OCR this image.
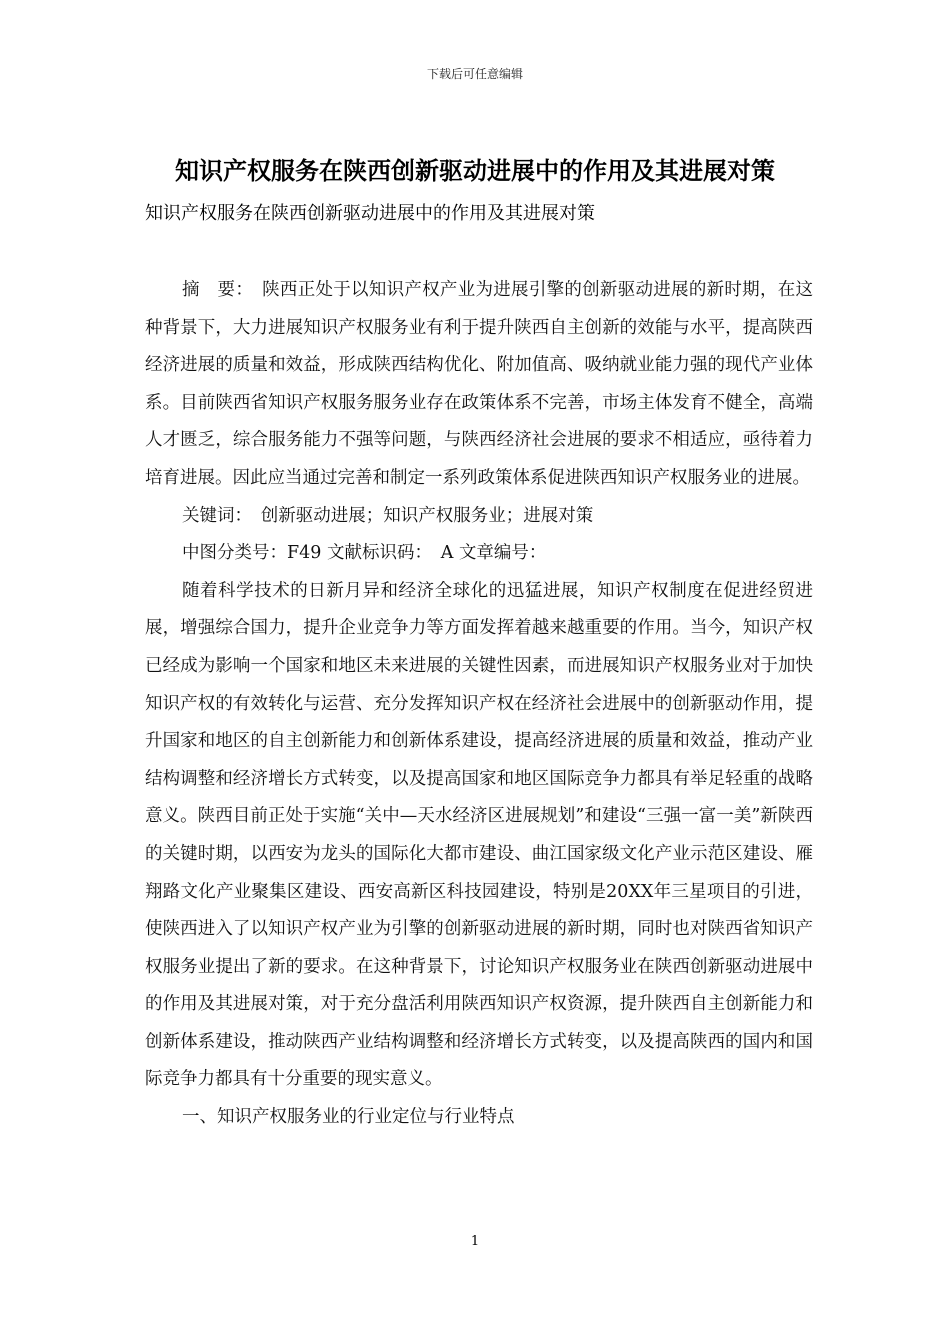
下载后可任意编辑
知识产权服务在陕西创新驱动进展中的作用及其进展对策
知识产权服务在陕西创新驱动进展中的作用及其进展对策

摘　要：　陕西正处于以知识产权产业为进展引擎的创新驱动进展的新时期，在这种背景下，大力进展知识产权服务业有利于提升陕西自主创新的效能与水平，提高陕西经济进展的质量和效益，形成陕西结构优化、附加值高、吸纳就业能力强的现代产业体系。目前陕西省知识产权服务服务业存在政策体系不完善，市场主体发育不健全，高端人才匮乏，综合服务能力不强等问题，与陕西经济社会进展的要求不相适应，亟待着力培育进展。因此应当通过完善和制定一系列政策体系促进陕西知识产权服务业的进展。

关键词：　创新驱动进展；知识产权服务业；进展对策

中图分类号：F49 文献标识码：　A 文章编号：

随着科学技术的日新月异和经济全球化的迅猛进展，知识产权制度在促进经贸进展，增强综合国力，提升企业竞争力等方面发挥着越来越重要的作用。当今，知识产权已经成为影响一个国家和地区未来进展的关键性因素，而进展知识产权服务业对于加快知识产权的有效转化与运营、充分发挥知识产权在经济社会进展中的创新驱动作用，提升国家和地区的自主创新能力和创新体系建设，提高经济进展的质量和效益，推动产业结构调整和经济增长方式转变，以及提高国家和地区国际竞争力都具有举足轻重的战略意义。陕西目前正处于实施“关中—天水经济区进展规划”和建设“三强一富一美”新陕西的关键时期，以西安为龙头的国际化大都市建设、曲江国家级文化产业示范区建设、雁翔路文化产业聚集区建设、西安高新区科技园建设，特别是20XX年三星项目的引进，使陕西进入了以知识产权产业为引擎的创新驱动进展的新时期，同时也对陕西省知识产权服务业提出了新的要求。在这种背景下，讨论知识产权服务业在陕西创新驱动进展中的作用及其进展对策，对于充分盘活利用陕西知识产权资源，提升陕西自主创新能力和创新体系建设，推动陕西产业结构调整和经济增长方式转变，以及提高陕西的国内和国际竞争力都具有十分重要的现实意义。

一、知识产权服务业的行业定位与行业特点

1
